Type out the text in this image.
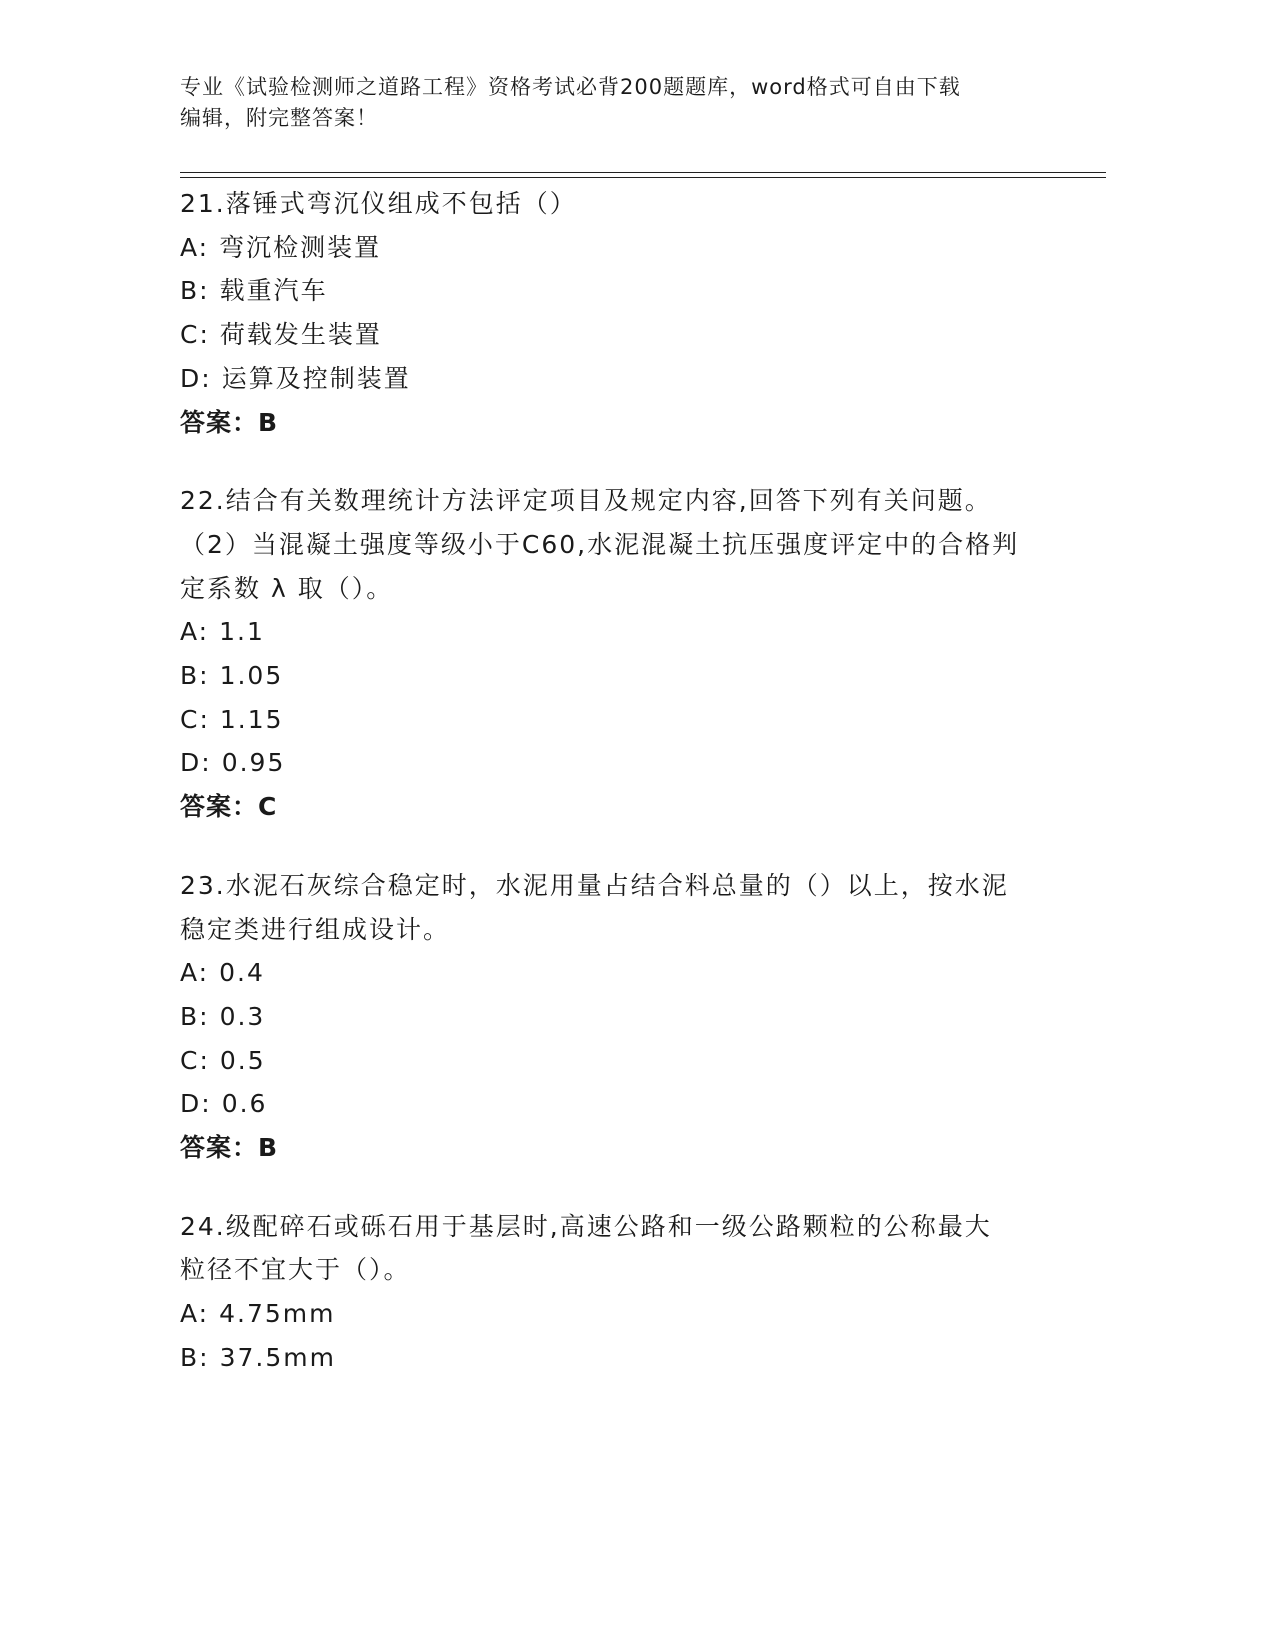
专业《试验检测师之道路工程》资格考试必背200题题库，word格式可自由下载
编辑，附完整答案！
21.落锤式弯沉仪组成不包括（）
A: 弯沉检测装置
B: 载重汽车
C: 荷载发生装置
D: 运算及控制装置
答案：B
22.结合有关数理统计方法评定项目及规定内容,回答下列有关问题。
（2）当混凝土强度等级小于C60,水泥混凝土抗压强度评定中的合格判
定系数 λ 取（）。
A: 1.1
B: 1.05
C: 1.15
D: 0.95
答案：C
23.水泥石灰综合稳定时，水泥用量占结合料总量的（）以上，按水泥
稳定类进行组成设计。
A: 0.4
B: 0.3
C: 0.5
D: 0.6
答案：B
24.级配碎石或砾石用于基层时,高速公路和一级公路颗粒的公称最大
粒径不宜大于（）。
A: 4.75mm
B: 37.5mm
